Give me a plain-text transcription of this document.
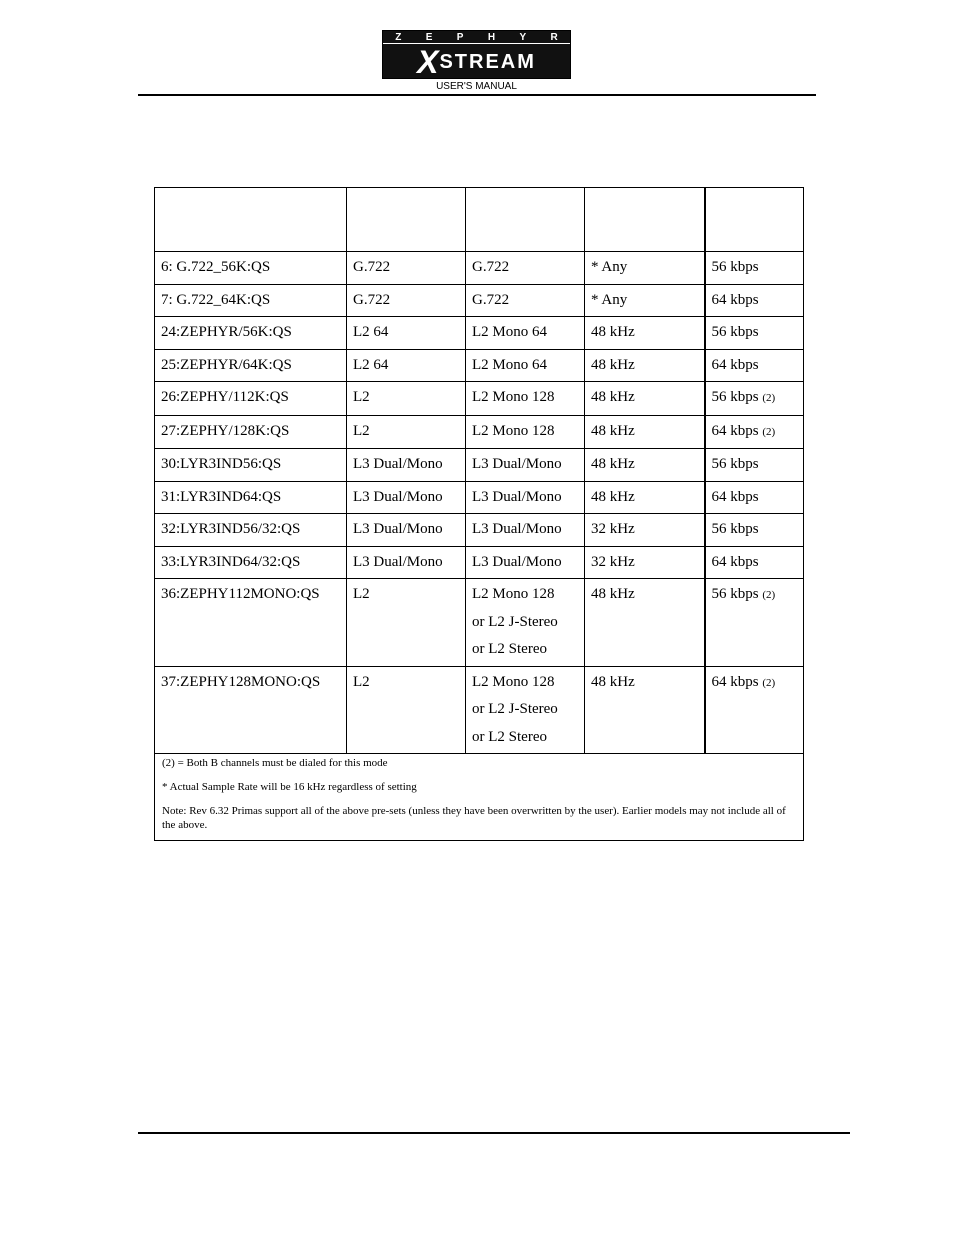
Z E P H Y R
X STREAM
USER'S MANUAL

6: G.722_56K:QS	G.722	G.722	* Any	56 kbps
7: G.722_64K:QS	G.722	G.722	* Any	64 kbps
24:ZEPHYR/56K:QS	L2 64	L2 Mono 64	48 kHz	56 kbps
25:ZEPHYR/64K:QS	L2 64	L2 Mono 64	48 kHz	64 kbps
26:ZEPHY/112K:QS	L2	L2 Mono 128	48 kHz	56 kbps (2)
27:ZEPHY/128K:QS	L2	L2 Mono 128	48 kHz	64 kbps (2)
30:LYR3IND56:QS	L3 Dual/Mono	L3 Dual/Mono	48 kHz	56 kbps
31:LYR3IND64:QS	L3 Dual/Mono	L3 Dual/Mono	48 kHz	64 kbps
32:LYR3IND56/32:QS	L3 Dual/Mono	L3 Dual/Mono	32 kHz	56 kbps
33:LYR3IND64/32:QS	L3 Dual/Mono	L3 Dual/Mono	32 kHz	64 kbps
36:ZEPHY112MONO:QS	L2	L2 Mono 128
or L2 J-Stereo
or L2 Stereo	48 kHz	56 kbps (2)
37:ZEPHY128MONO:QS	L2	L2 Mono 128
or L2 J-Stereo
or L2 Stereo	48 kHz	64 kbps (2)

(2) = Both B channels must be dialed for this mode

* Actual Sample Rate will be 16 kHz regardless of setting

Note: Rev 6.32 Primas support all of the above pre-sets (unless they have been overwritten by the user). Earlier models may not include all of the above.				
